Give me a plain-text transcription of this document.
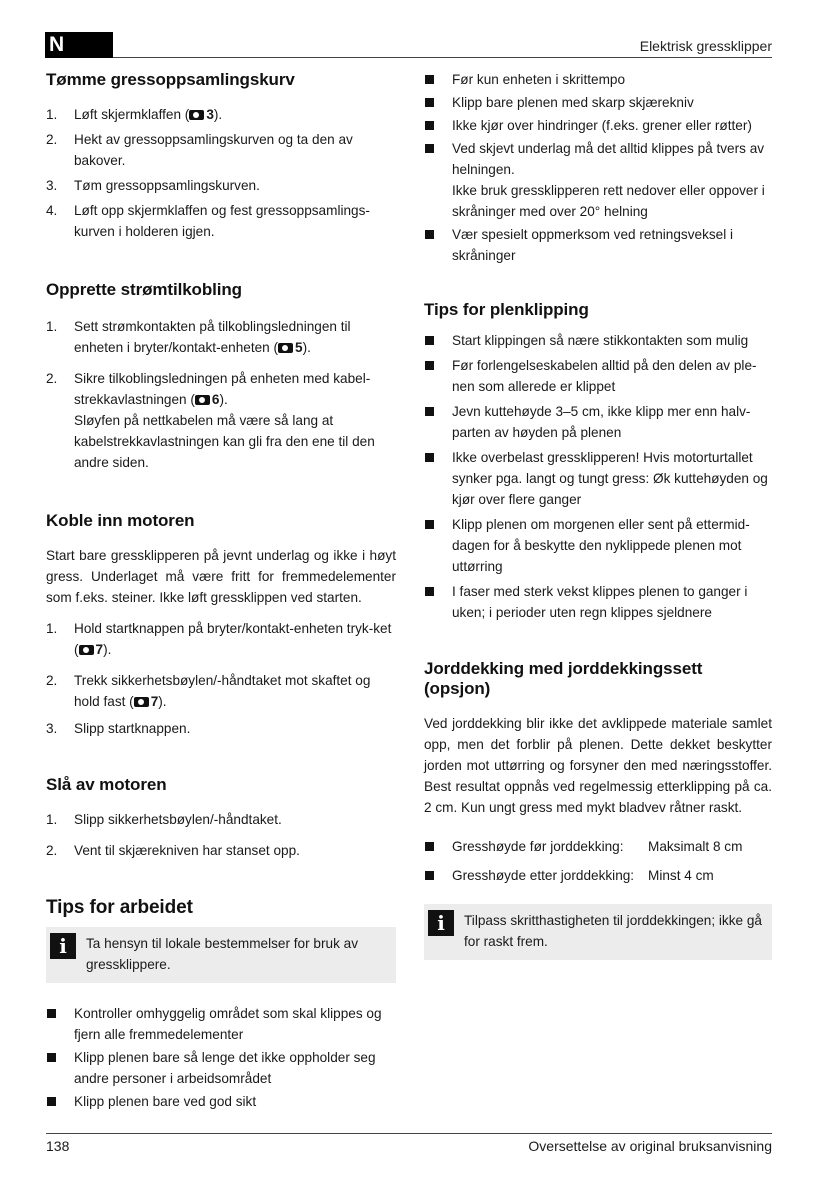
N	Elektrisk gressklipper
Tømme gressoppsamlingskurv
1. Løft skjermklaffen ( 3).
2. Hekt av gressoppsamlingskurven og ta den av bakover.
3. Tøm gressoppsamlingskurven.
4. Løft opp skjermklaffen og fest gressoppsamlings-kurven i holderen igjen.
Opprette strømtilkobling
1. Sett strømkontakten på tilkoblingsledningen til enheten i bryter/kontakt-enheten ( 5).
2. Sikre tilkoblingsledningen på enheten med kabel-strekkavlastningen ( 6).
Sløyfen på nettkabelen må være så lang at kabelstrekkavlastningen kan gli fra den ene til den andre siden.
Koble inn motoren
Start bare gressklipperen på jevnt underlag og ikke i høyt gress. Underlaget må være fritt for fremmedelementer som f.eks. steiner. Ikke løft gressklippen ved starten.
1. Hold startknappen på bryter/kontakt-enheten tryk-ket ( 7).
2. Trekk sikkerhetsbøylen/-håndtaket mot skaftet og hold fast ( 7).
3. Slipp startknappen.
Slå av motoren
1. Slipp sikkerhetsbøylen/-håndtaket.
2. Vent til skjærekniven har stanset opp.
Tips for arbeidet
i	Ta hensyn til lokale bestemmelser for bruk av gressklippere.
Kontroller omhyggelig området som skal klippes og fjern alle fremmedelementer
Klipp plenen bare så lenge det ikke oppholder seg andre personer i arbeidsområdet
Klipp plenen bare ved god sikt
Før kun enheten i skrittempo
Klipp bare plenen med skarp skjærekniv
Ikke kjør over hindringer (f.eks. grener eller røtter)
Ved skjevt underlag må det alltid klippes på tvers av helningen.
Ikke bruk gressklipperen rett nedover eller oppover i skråninger med over 20° helning
Vær spesielt oppmerksom ved retningsveksel i skråninger
Tips for plenklipping
Start klippingen så nære stikkontakten som mulig
Før forlengelseskabelen alltid på den delen av ple-nen som allerede er klippet
Jevn kuttehøyde 3–5 cm, ikke klipp mer enn halv-parten av høyden på plenen
Ikke overbelast gressklipperen! Hvis motorturtallet synker pga. langt og tungt gress: Øk kuttehøyden og kjør over flere ganger
Klipp plenen om morgenen eller sent på ettermid-dagen for å beskytte den nyklippede plenen mot uttørring
I faser med sterk vekst klippes plenen to ganger i uken; i perioder uten regn klippes sjeldnere
Jorddekking med jorddekkingssett (opsjon)
Ved jorddekking blir ikke det avklippede materiale samlet opp, men det forblir på plenen. Dette dekket beskytter jorden mot uttørring og forsyner den med næringsstoffer. Best resultat oppnås ved regelmessig etterklipping på ca. 2 cm. Kun ungt gress med mykt bladvev råtner raskt.
Gresshøyde før jorddekking: Maksimalt 8 cm
Gresshøyde etter jorddekking: Minst 4 cm
i	Tilpass skritthastigheten til jorddekkingen; ikke gå for raskt frem.
138	Oversettelse av original bruksanvisning
